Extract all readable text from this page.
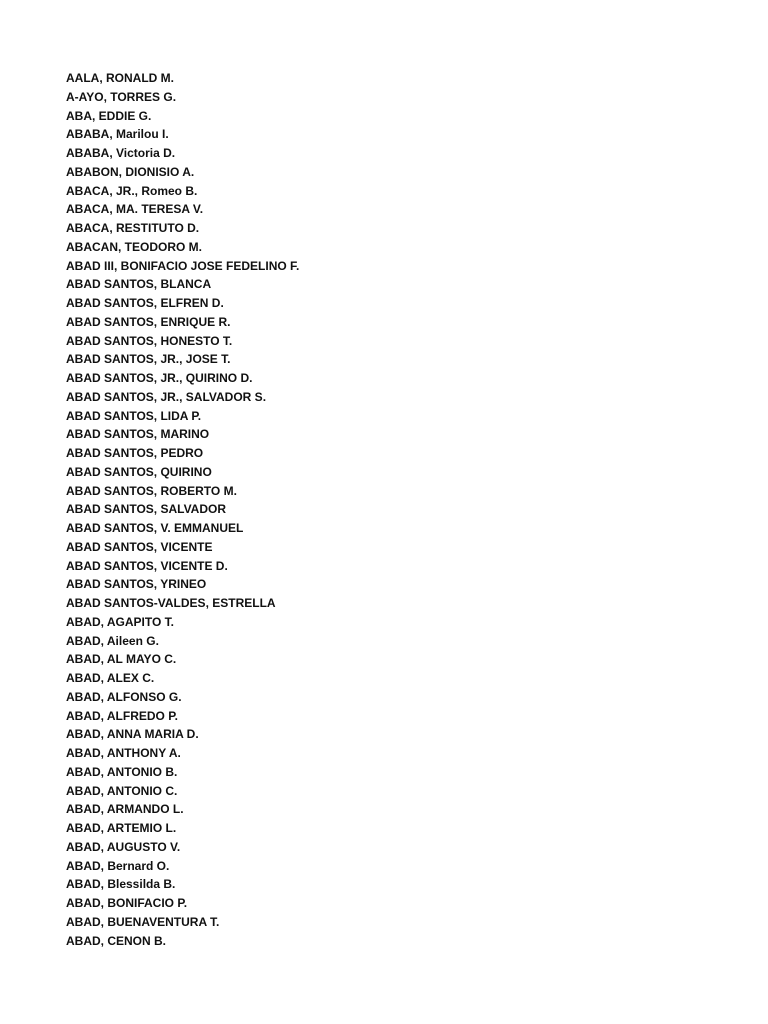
AALA, RONALD M.
A-AYO, TORRES G.
ABA, EDDIE G.
ABABA, Marilou I.
ABABA, Victoria D.
ABABON, DIONISIO A.
ABACA, JR., Romeo B.
ABACA, MA. TERESA V.
ABACA, RESTITUTO D.
ABACAN, TEODORO M.
ABAD III, BONIFACIO JOSE FEDELINO F.
ABAD SANTOS, BLANCA
ABAD SANTOS, ELFREN D.
ABAD SANTOS, ENRIQUE R.
ABAD SANTOS, HONESTO T.
ABAD SANTOS, JR., JOSE T.
ABAD SANTOS, JR., QUIRINO D.
ABAD SANTOS, JR., SALVADOR S.
ABAD SANTOS, LIDA P.
ABAD SANTOS, MARINO
ABAD SANTOS, PEDRO
ABAD SANTOS, QUIRINO
ABAD SANTOS, ROBERTO M.
ABAD SANTOS, SALVADOR
ABAD SANTOS, V. EMMANUEL
ABAD SANTOS, VICENTE
ABAD SANTOS, VICENTE D.
ABAD SANTOS, YRINEO
ABAD SANTOS-VALDES, ESTRELLA
ABAD, AGAPITO T.
ABAD, Aileen G.
ABAD, AL MAYO C.
ABAD, ALEX C.
ABAD, ALFONSO G.
ABAD, ALFREDO P.
ABAD, ANNA MARIA D.
ABAD, ANTHONY A.
ABAD, ANTONIO B.
ABAD, ANTONIO C.
ABAD, ARMANDO L.
ABAD, ARTEMIO L.
ABAD, AUGUSTO V.
ABAD, Bernard O.
ABAD, Blessilda B.
ABAD, BONIFACIO P.
ABAD, BUENAVENTURA T.
ABAD, CENON B.
